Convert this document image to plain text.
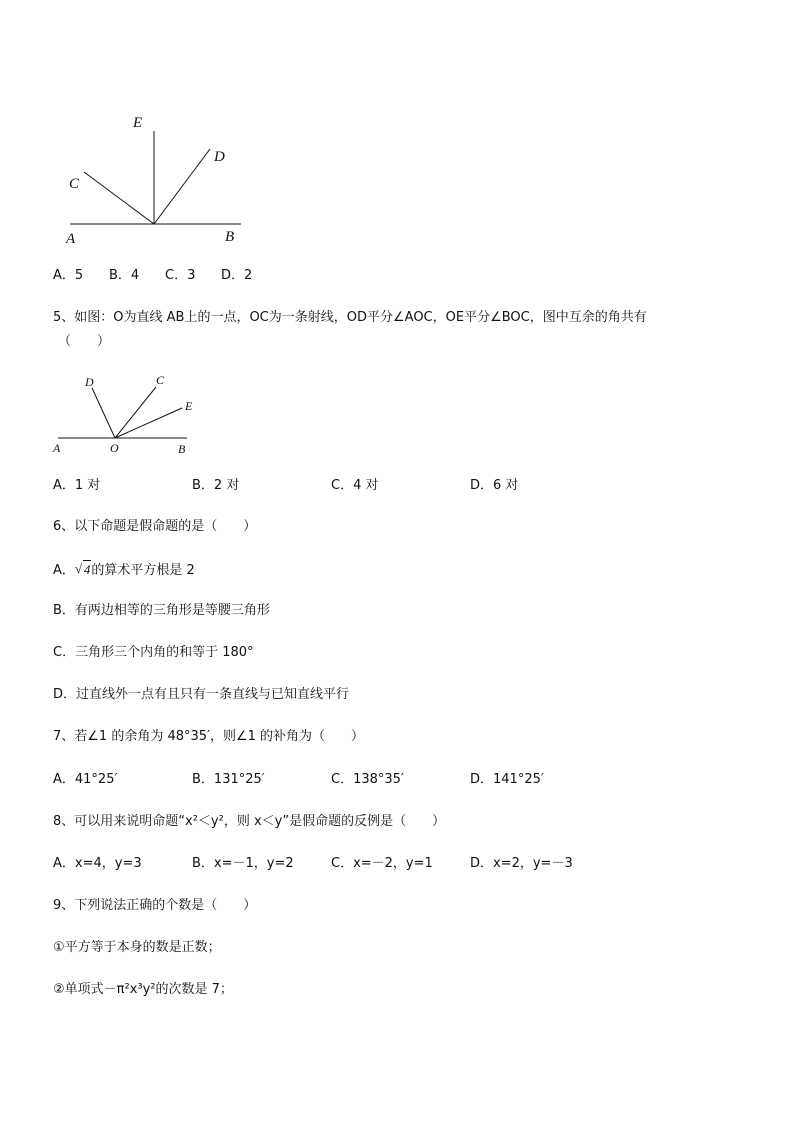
E
D
C
A	B
A．5 B．4 C．3 D．2
5、如图：O为直线 AB上的一点，OC为一条射线，OD平分∠AOC，OE平分∠BOC，图中互余的角共有
（　　）
D	C
E
A	O	B
A．1 对	B．2 对	C．4 对	D．6 对
6、以下命题是假命题的是（　　）
A． √ 4的算术平方根是 2
B．有两边相等的三角形是等腰三角形
C．三角形三个内角的和等于 180°
D．过直线外一点有且只有一条直线与已知直线平行
7、若∠1 的余角为 48°35′，则∠1 的补角为（　　）
A．41°25′	B．131°25′	C．138°35′	D．141°25′
8、可以用来说明命题“x²＜y²，则 x＜y”是假命题的反例是（　　）
A．x=4，y=3	B．x=－1，y=2	C．x=－2，y=1	D．x=2，y=－3
9、下列说法正确的个数是（　　）
①平方等于本身的数是正数；
②单项式－π²x³y²的次数是 7；
